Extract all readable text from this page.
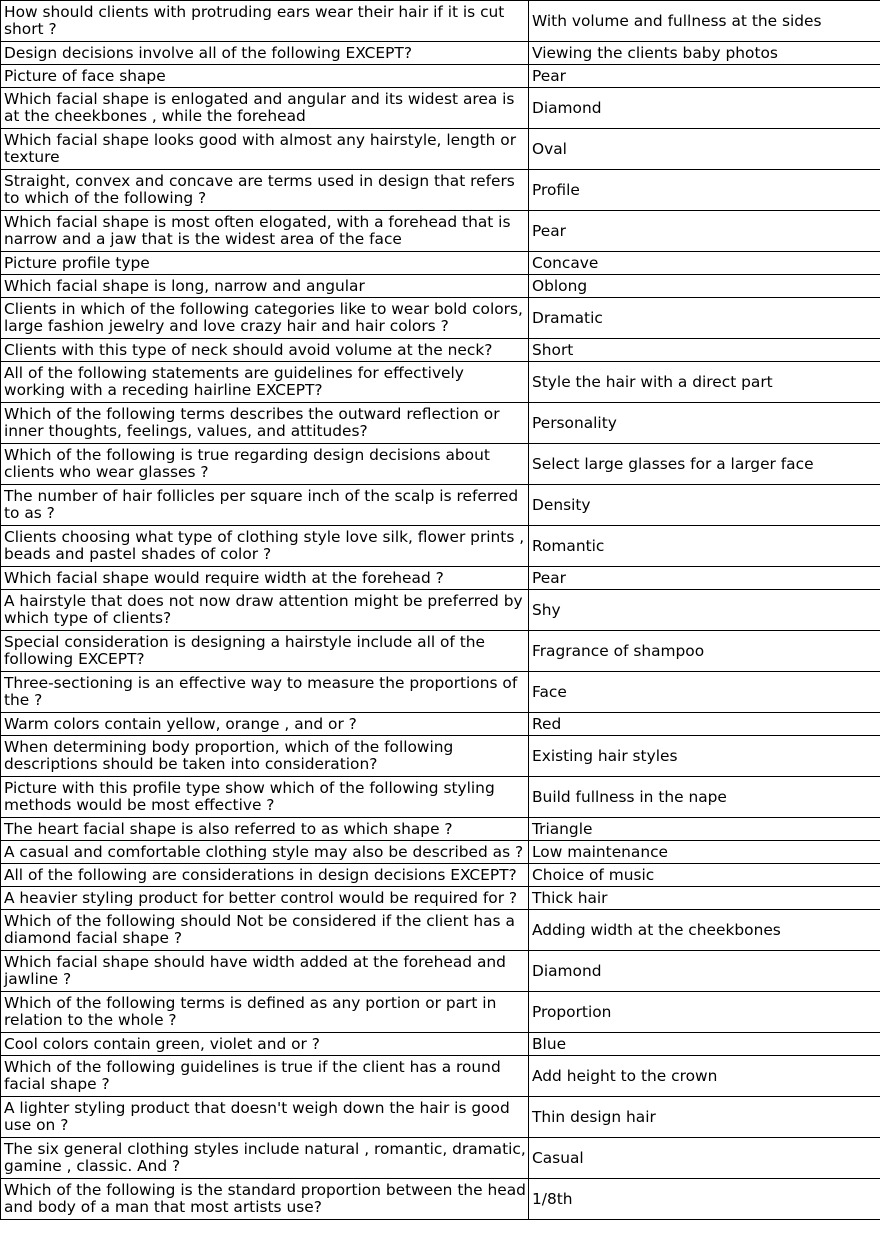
How should clients with protruding ears wear their hair if it is cut short ?	With volume and fullness at the sides
Design decisions involve all of the following EXCEPT?	Viewing the clients baby photos
Picture of face shape	Pear
Which facial shape is enlogated and angular and its widest area is at the cheekbones , while the forehead	Diamond
Which facial shape looks good with almost any hairstyle, length or texture	Oval
Straight, convex and concave are terms used in design that refers to which of the following ?	Profile
Which facial shape is most often elogated, with a forehead that is narrow and a jaw that is the widest area of the face	Pear
Picture profile type	Concave
Which facial shape is long, narrow and angular	Oblong
Clients in which of the following categories like to wear bold colors, large fashion jewelry and love crazy hair and hair colors ?	Dramatic
Clients with this type of neck should avoid volume at the neck?	Short
All of the following statements are guidelines for effectively working with a receding hairline EXCEPT?	Style the hair with a direct part
Which of the following terms describes the outward reflection or inner thoughts, feelings, values, and attitudes?	Personality
Which of the following is true regarding design decisions about clients who wear glasses ?	Select large glasses for a larger face
The number of hair follicles per square inch of the scalp is referred to as ?	Density
Clients choosing what type of clothing style love silk, flower prints , beads and pastel shades of color ?	Romantic
Which facial shape would require width at the forehead ?	Pear
A hairstyle that does not now draw attention might be preferred by which type of clients?	Shy
Special consideration is designing a hairstyle include all of the following EXCEPT?	Fragrance of shampoo
Three-sectioning is an effective way to measure the proportions of the ?	Face
Warm colors contain yellow, orange , and or ?	Red
When determining body proportion, which of the following descriptions should be taken into consideration?	Existing hair styles
Picture with this profile type show which of the following styling methods would be most effective ?	Build fullness in the nape
The heart facial shape is also referred to as which shape ?	Triangle
A casual and comfortable clothing style may also be described as ?	Low maintenance
All of the following are considerations in design decisions EXCEPT?	Choice of music
A heavier styling product for better control would be required for ?	Thick hair
Which of the following should Not be considered if the client has a diamond facial shape ?	Adding width at the cheekbones
Which facial shape should have width added at the forehead and jawline ?	Diamond
Which of the following terms is defined as any portion or part in relation to the whole ?	Proportion
Cool colors contain green, violet and or ?	Blue
Which of the following guidelines is true if the client has a round facial shape ?	Add height to the crown
A lighter styling product that doesn't weigh down the hair is good use on ?	Thin design hair
The six general clothing styles include natural , romantic, dramatic, gamine , classic. And ?	Casual
Which of the following is the standard proportion between the head and body of a man that most artists use?	1/8th
